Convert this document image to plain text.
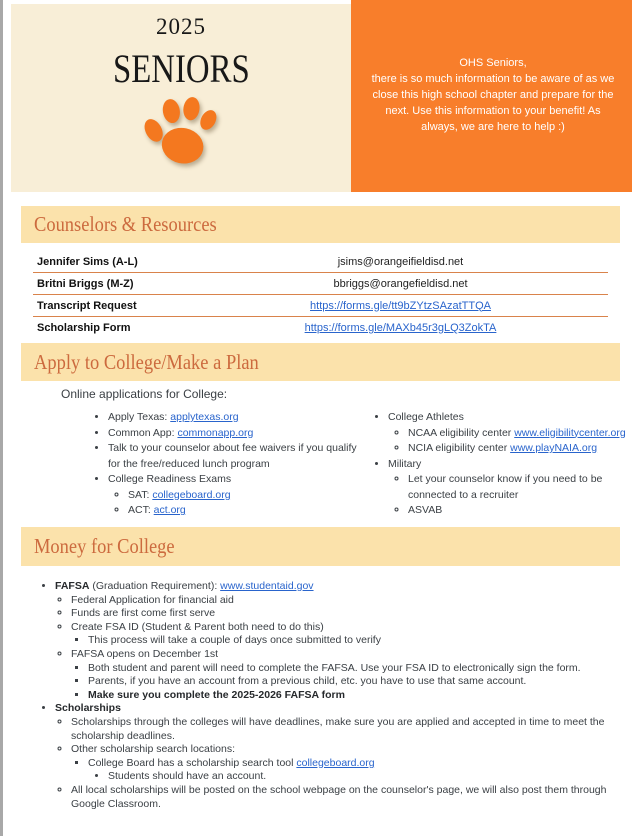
2025
SENIORS	OHS Seniors,
there is so much information to be aware of as we close this high school chapter and prepare for the next. Use this information to your benefit! As always, we are here to help :)
Counselors & Resources
Jennifer Sims (A-L)	jsims@orangeifieldisd.net
Britni Briggs (M-Z)	bbriggs@orangefieldisd.net
Transcript Request	https://forms.gle/tt9bZYtzSAzatTTQA
Scholarship Form	https://forms.gle/MAXb45r3gLQ3ZokTA
Apply to College/Make a Plan
Online applications for College:
• Apply Texas: applytexas.org
• Common App: commonapp.org
• Talk to your counselor about fee waivers if you qualify for the free/reduced lunch program
• College Readiness Exams
◦ SAT: collegeboard.org
◦ ACT: act.org
• College Athletes
◦ NCAA eligibility center www.eligibilitycenter.org
◦ NCIA eligibility center www.playNAIA.org
• Military
◦ Let your counselor know if you need to be connected to a recruiter
◦ ASVAB
Money for College
• FAFSA (Graduation Requirement): www.studentaid.gov
◦ Federal Application for financial aid
◦ Funds are first come first serve
◦ Create FSA ID (Student & Parent both need to do this)
▪ This process will take a couple of days once submitted to verify
◦ FAFSA opens on December 1st
▪ Both student and parent will need to complete the FAFSA. Use your FSA ID to electronically sign the form.
▪ Parents, if you have an account from a previous child, etc. you have to use that same account.
▪ Make sure you complete the 2025-2026 FAFSA form
• Scholarships
◦ Scholarships through the colleges will have deadlines, make sure you are applied and accepted in time to meet the scholarship deadlines.
◦ Other scholarship search locations:
▪ College Board has a scholarship search tool collegeboard.org
• Students should have an account.
◦ All local scholarships will be posted on the school webpage on the counselor's page, we will also post them through Google Classroom.
